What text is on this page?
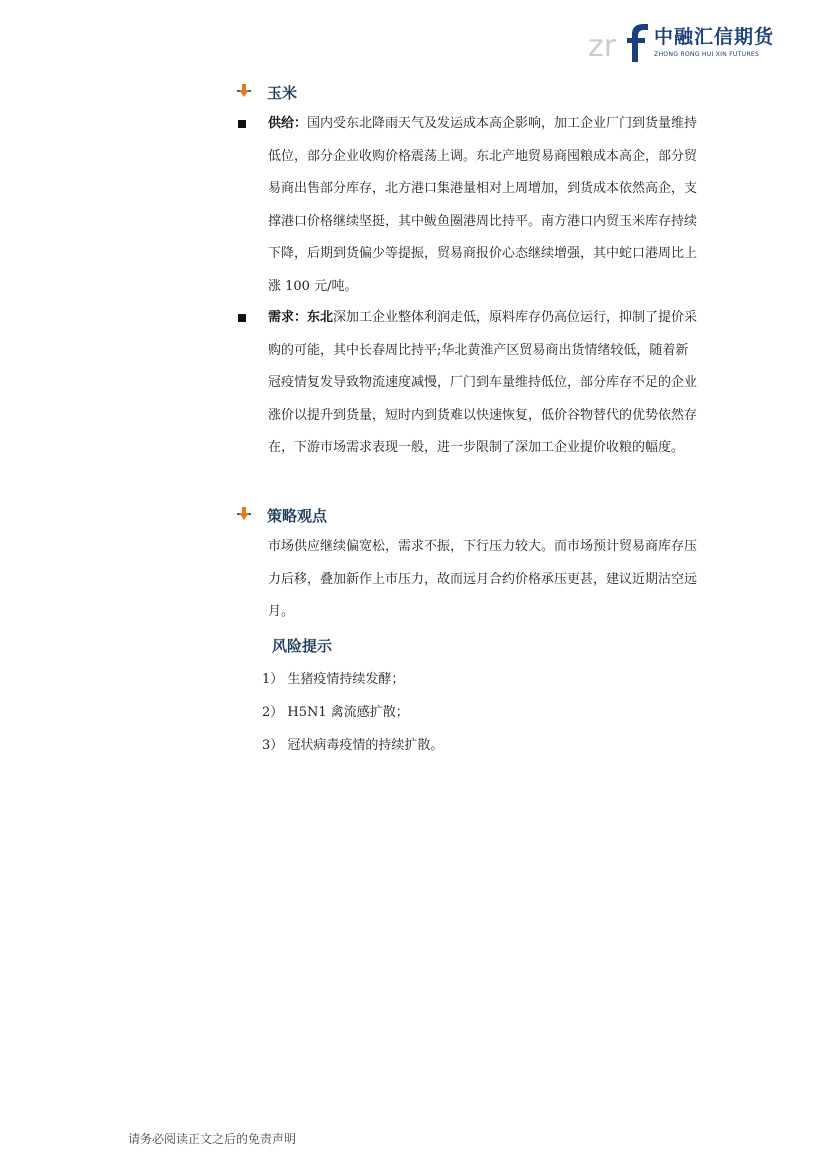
zr 中融汇信期货
ZHONG RONG HUI XIN FUTURES
玉米
供给：国内受东北降雨天气及发运成本高企影响，加工企业厂门到货量维持低位，部分企业收购价格震荡上调。东北产地贸易商囤粮成本高企，部分贸易商出售部分库存，北方港口集港量相对上周增加，到货成本依然高企，支撑港口价格继续坚挺，其中鲅鱼圈港周比持平。南方港口内贸玉米库存持续下降，后期到货偏少等提振，贸易商报价心态继续增强，其中蛇口港周比上涨 100 元/吨。
需求：东北深加工企业整体利润走低，原料库存仍高位运行，抑制了提价采购的可能，其中长春周比持平;华北黄淮产区贸易商出货情绪较低，随着新冠疫情复发导致物流速度减慢，厂门到车量维持低位，部分库存不足的企业涨价以提升到货量，短时内到货难以快速恢复，低价谷物替代的优势依然存在，下游市场需求表现一般，进一步限制了深加工企业提价收粮的幅度。
策略观点
市场供应继续偏宽松，需求不振，下行压力较大。而市场预计贸易商库存压力后移，叠加新作上市压力，故而远月合约价格承压更甚，建议近期沽空远月。
风险提示
1） 生猪疫情持续发酵；
2） H5N1 禽流感扩散；
3） 冠状病毒疫情的持续扩散。
请务必阅读正文之后的免责声明
